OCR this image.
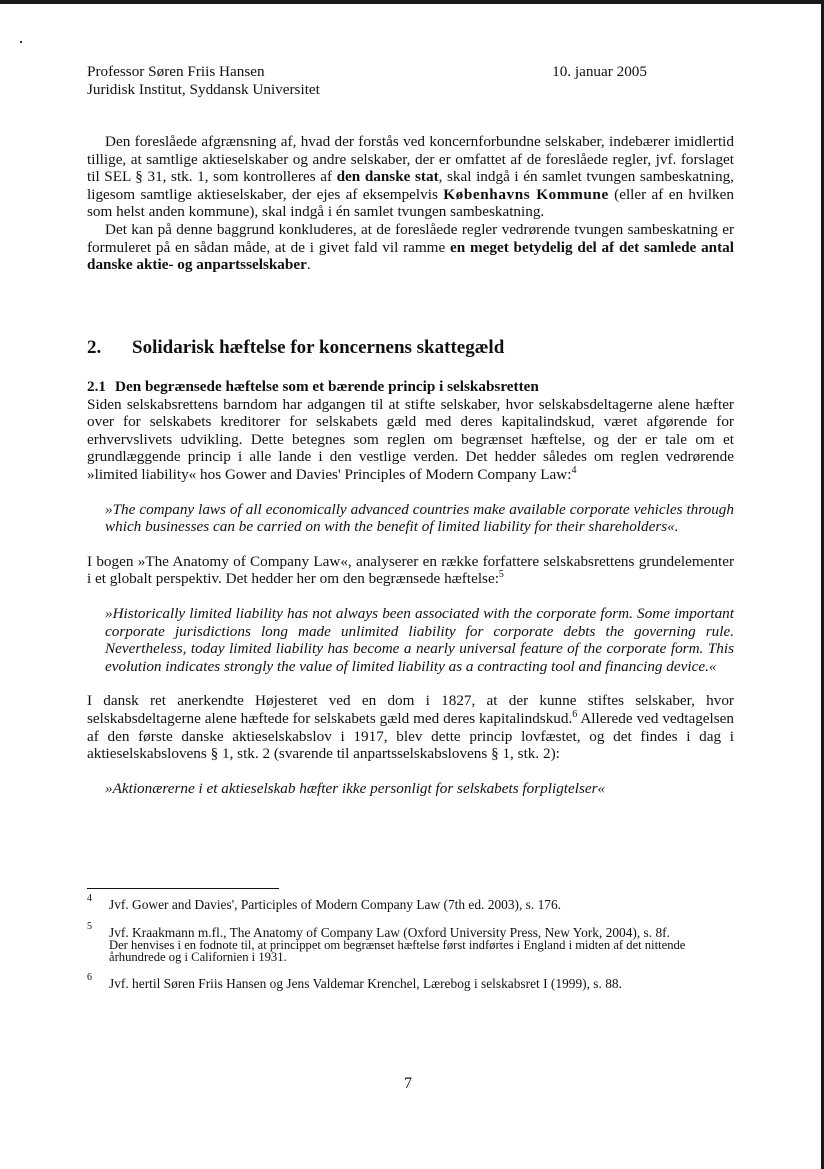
Professor Søren Friis Hansen
Juridisk Institut, Syddansk Universitet
10. januar 2005

Den foreslåede afgrænsning af, hvad der forstås ved koncernforbundne selskaber, indebærer imidlertid tillige, at samtlige aktieselskaber og andre selskaber, der er omfattet af de foreslåede regler, jvf. forslaget til SEL § 31, stk. 1, som kontrolleres af den danske stat, skal indgå i én samlet tvungen sambeskatning, ligesom samtlige aktieselskaber, der ejes af eksempelvis Københavns Kommune (eller af en hvilken som helst anden kommune), skal indgå i én samlet tvungen sambeskatning.

Det kan på denne baggrund konkluderes, at de foreslåede regler vedrørende tvungen sambeskatning er formuleret på en sådan måde, at de i givet fald vil ramme en meget betydelig del af det samlede antal danske aktie- og anpartsselskaber.

2. Solidarisk hæftelse for koncernens skattegæld
2.1 Den begrænsede hæftelse som et bærende princip i selskabsretten

Siden selskabsrettens barndom har adgangen til at stifte selskaber, hvor selskabsdeltagerne alene hæfter over for selskabets kreditorer for selskabets gæld med deres kapitalindskud, været afgørende for erhvervslivets udvikling. Dette betegnes som reglen om begrænset hæftelse, og der er tale om et grundlæggende princip i alle lande i den vestlige verden. Det hedder således om reglen vedrørende »limited liability« hos Gower and Davies' Principles of Modern Company Law:$^4$

»The company laws of all economically advanced countries make available corporate vehicles through which businesses can be carried on with the benefit of limited liability for their shareholders«.

I bogen »The Anatomy of Company Law«, analyserer en række forfattere selskabsrettens grundelementer i et globalt perspektiv. Det hedder her om den begrænsede hæftelse:$^5$

»Historically limited liability has not always been associated with the corporate form. Some important corporate jurisdictions long made unlimited liability for corporate debts the governing rule. Nevertheless, today limited liability has become a nearly universal feature of the corporate form. This evolution indicates strongly the value of limited liability as a contracting tool and financing device.«

I dansk ret anerkendte Højesteret ved en dom i 1827, at der kunne stiftes selskaber, hvor selskabsdeltagerne alene hæftede for selskabets gæld med deres kapitalindskud.$^6$ Allerede ved vedtagelsen af den første danske aktieselskabslov i 1917, blev dette princip lovfæstet, og det findes i dag i aktieselskabslovens § 1, stk. 2 (svarende til anpartsselskabslovens § 1, stk. 2):

»Aktionærerne i et aktieselskab hæfter ikke personligt for selskabets forpligtelser«

4 Jvf. Gower and Davies', Participles of Modern Company Law (7th ed. 2003), s. 176.
5 Jvf. Kraakmann m.fl., The Anatomy of Company Law (Oxford University Press, New York, 2004), s. 8f.
Der henvises i en fodnote til, at princippet om begrænset hæftelse først indførtes i England i midten af det nittende århundrede og i Californien i 1931.
6 Jvf. hertil Søren Friis Hansen og Jens Valdemar Krenchel, Lærebog i selskabsret I (1999), s. 88.
7
